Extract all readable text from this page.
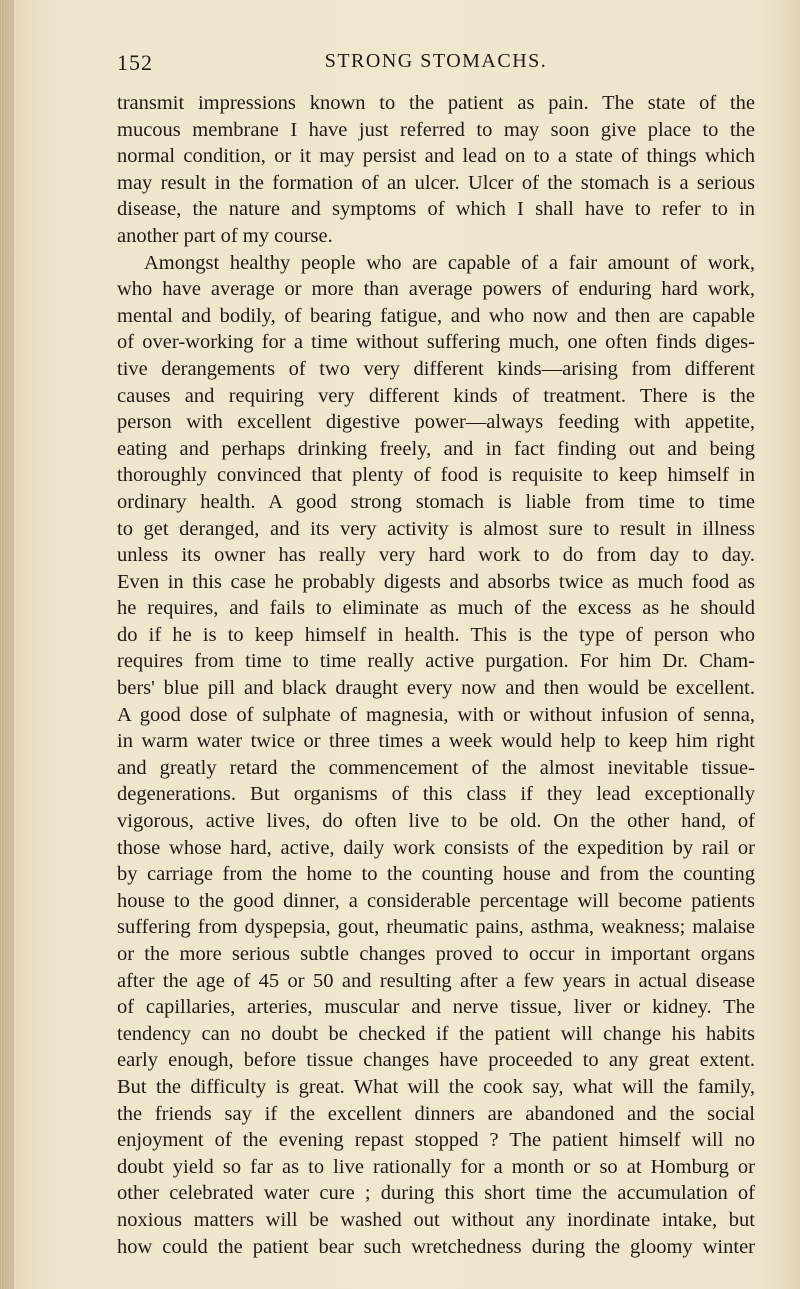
152	STRONG STOMACHS.
transmit impressions known to the patient as pain. The state of the
mucous membrane I have just referred to may soon give place to the
normal condition, or it may persist and lead on to a state of things which
may result in the formation of an ulcer. Ulcer of the stomach is a serious
disease, the nature and symptoms of which I shall have to refer to in
another part of my course.
Amongst healthy people who are capable of a fair amount of work,
who have average or more than average powers of enduring hard work,
mental and bodily, of bearing fatigue, and who now and then are capable
of over-working for a time without suffering much, one often finds diges-
tive derangements of two very different kinds—arising from different
causes and requiring very different kinds of treatment. There is the
person with excellent digestive power—always feeding with appetite,
eating and perhaps drinking freely, and in fact finding out and being
thoroughly convinced that plenty of food is requisite to keep himself in
ordinary health. A good strong stomach is liable from time to time
to get deranged, and its very activity is almost sure to result in illness
unless its owner has really very hard work to do from day to day.
Even in this case he probably digests and absorbs twice as much food as
he requires, and fails to eliminate as much of the excess as he should
do if he is to keep himself in health. This is the type of person who
requires from time to time really active purgation. For him Dr. Cham-
bers' blue pill and black draught every now and then would be excellent.
A good dose of sulphate of magnesia, with or without infusion of senna,
in warm water twice or three times a week would help to keep him right
and greatly retard the commencement of the almost inevitable tissue-
degenerations. But organisms of this class if they lead exceptionally
vigorous, active lives, do often live to be old. On the other hand, of
those whose hard, active, daily work consists of the expedition by rail or
by carriage from the home to the counting house and from the counting
house to the good dinner, a considerable percentage will become patients
suffering from dyspepsia, gout, rheumatic pains, asthma, weakness; malaise
or the more serious subtle changes proved to occur in important organs
after the age of 45 or 50 and resulting after a few years in actual disease
of capillaries, arteries, muscular and nerve tissue, liver or kidney. The
tendency can no doubt be checked if the patient will change his habits
early enough, before tissue changes have proceeded to any great extent.
But the difficulty is great. What will the cook say, what will the family,
the friends say if the excellent dinners are abandoned and the social
enjoyment of the evening repast stopped ? The patient himself will no
doubt yield so far as to live rationally for a month or so at Homburg or
other celebrated water cure ; during this short time the accumulation of
noxious matters will be washed out without any inordinate intake, but
how could the patient bear such wretchedness during the gloomy winter
